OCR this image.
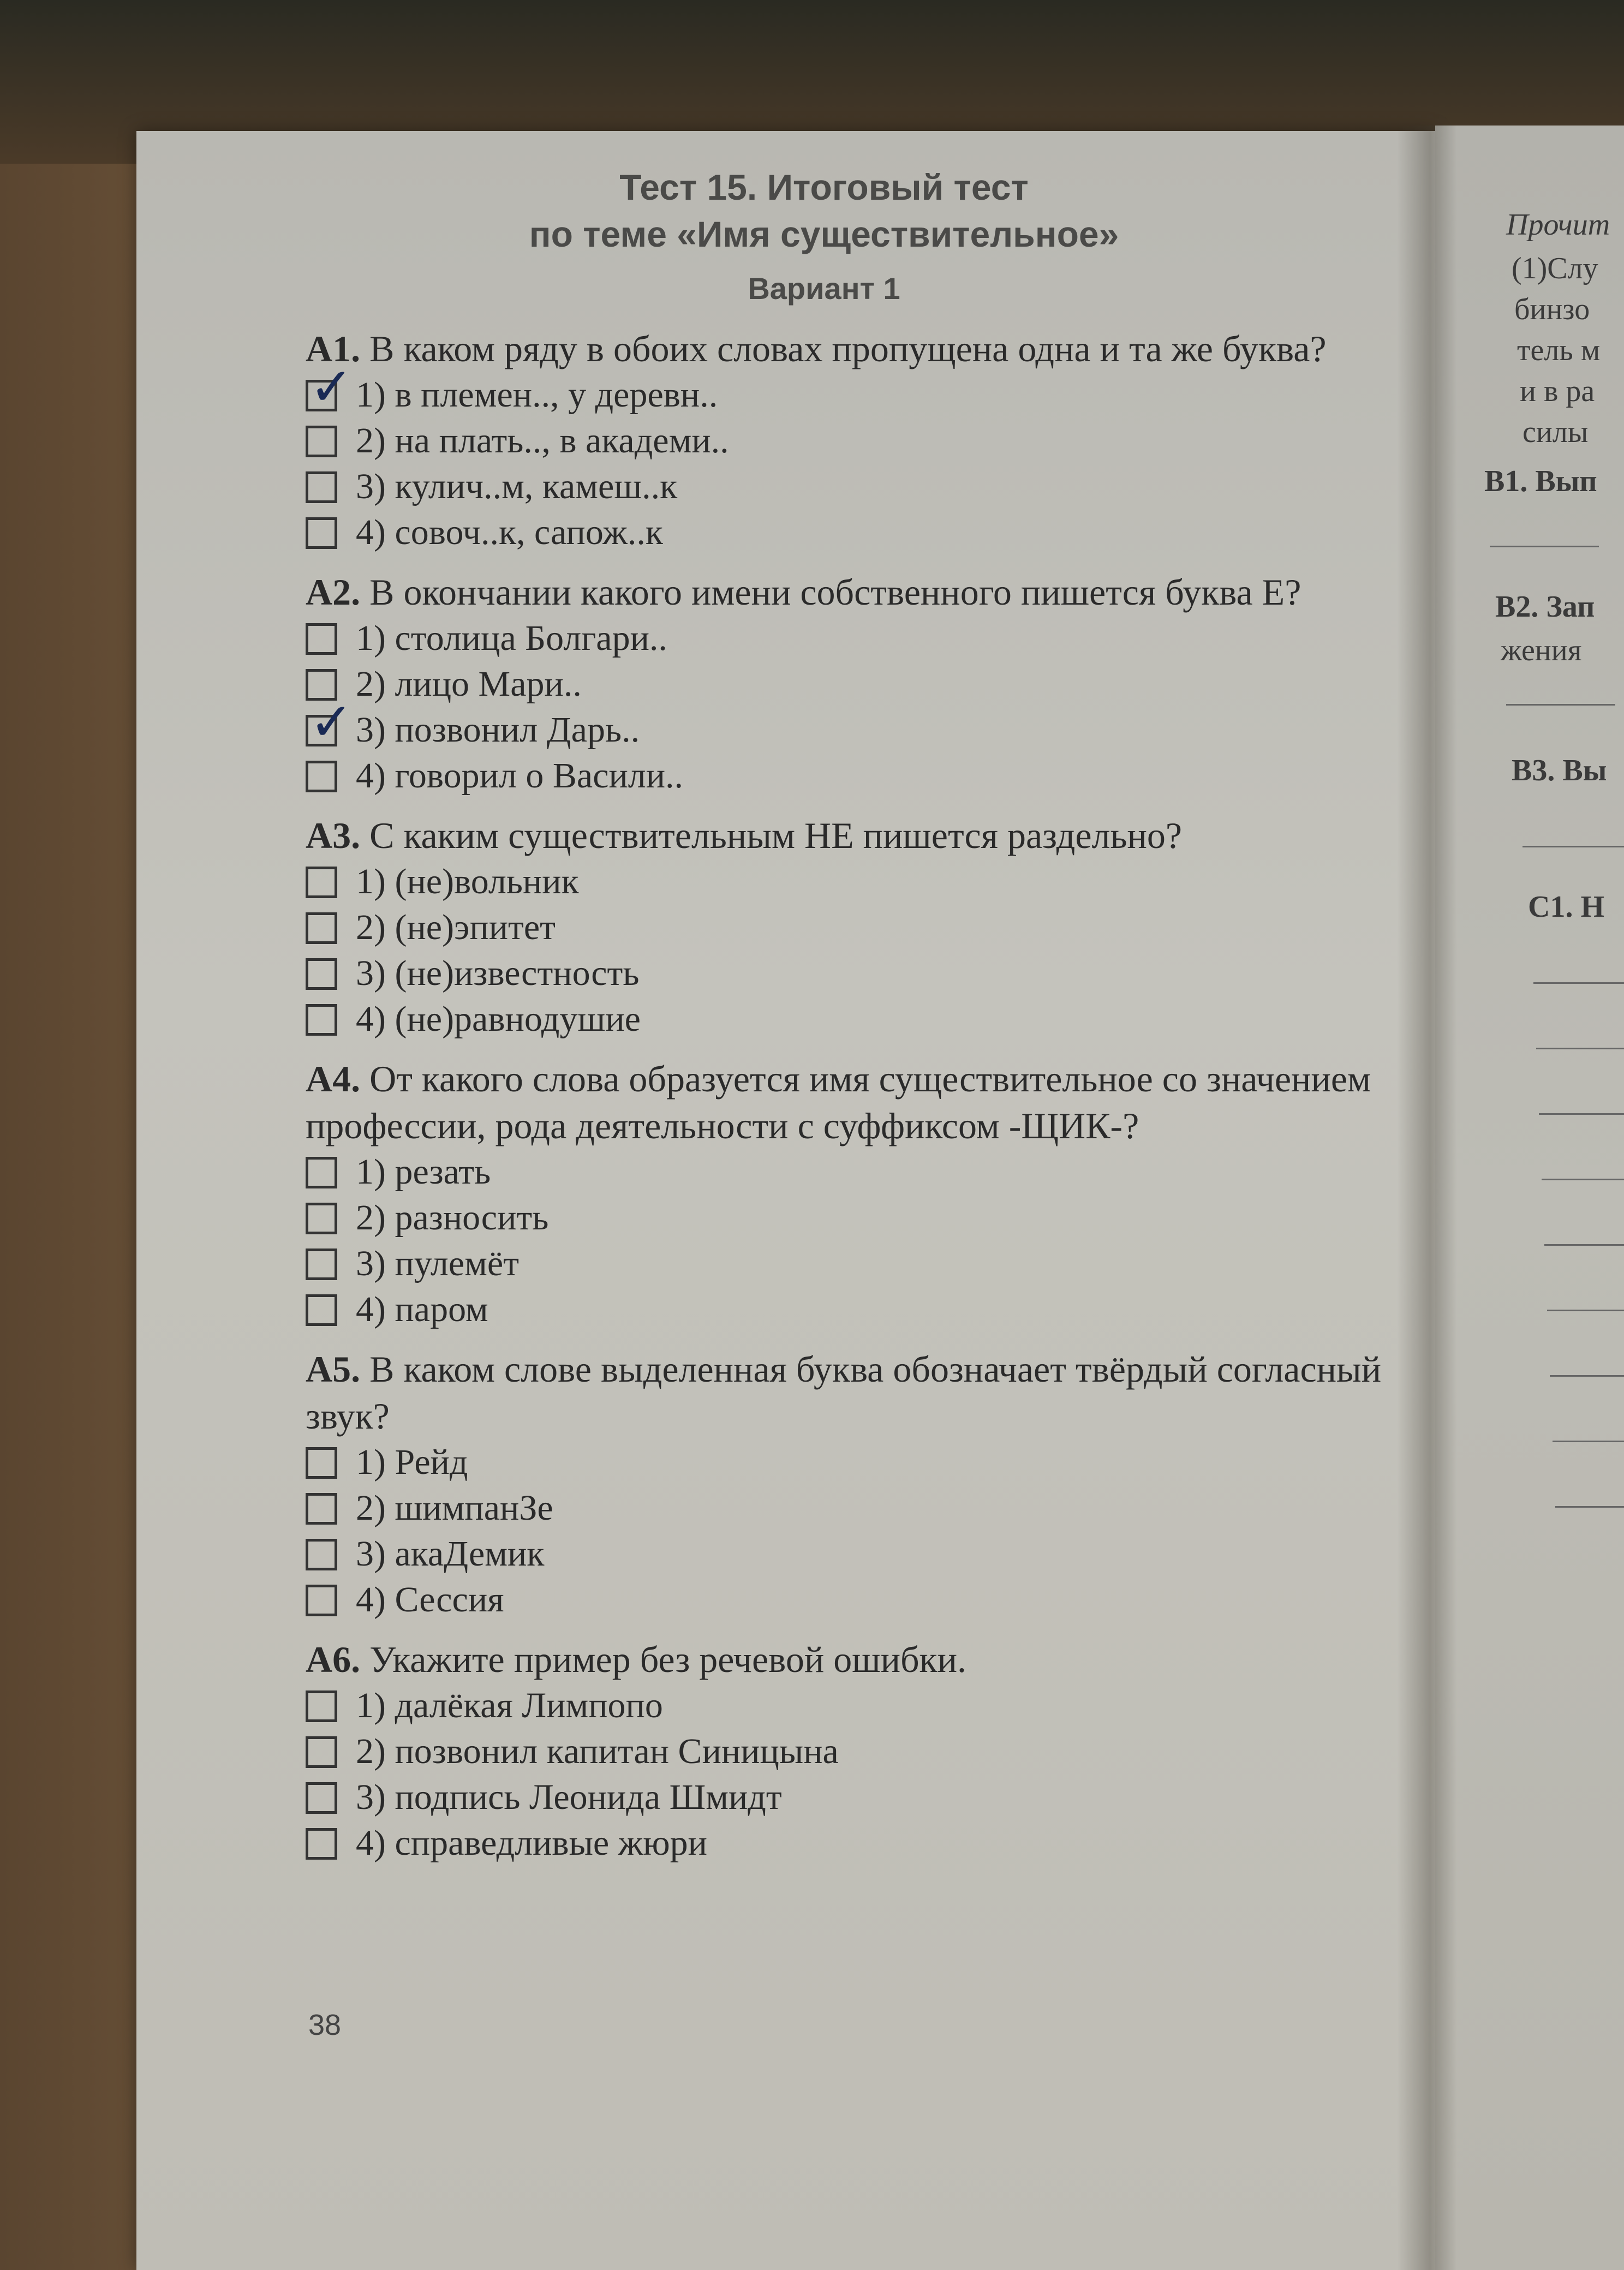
Прочит
(1)Слу
бинзо
тель м
и в ра
силы
В1. Вып
В2. Зап
жения
В3. Вы
С1. Н
Тест 15. Итоговый тест
по теме «Имя существительное»
Вариант 1
А1. В каком ряду в обоих словах пропущена одна и та же буква?
✓
1) в племен.., у деревн..
2) на плать.., в академи..
3) кулич..м, камеш..к
4) совоч..к, сапож..к
А2. В окончании какого имени собственного пишется буква Е?
1) столица Болгари..
2) лицо Мари..
✓
3) позвонил Дарь..
4) говорил о Васили..
А3. С каким существительным НЕ пишется раздельно?
1) (не)вольник
2) (не)эпитет
3) (не)известность
4) (не)равнодушие
А4. От какого слова образуется имя существительное со значением профессии, рода деятельности с суффиксом -ЩИК-?
1) резать
2) разносить
3) пулемёт
4) паром
А5. В каком слове выделенная буква обозначает твёрдый согласный звук?
1) Рейд
2) шимпанЗе
3) акаДемик
4) Сессия
А6. Укажите пример без речевой ошибки.
1) далёкая Лимпопо
2) позвонил капитан Синицына
3) подпись Леонида Шмидт
4) справедливые жюри
38
